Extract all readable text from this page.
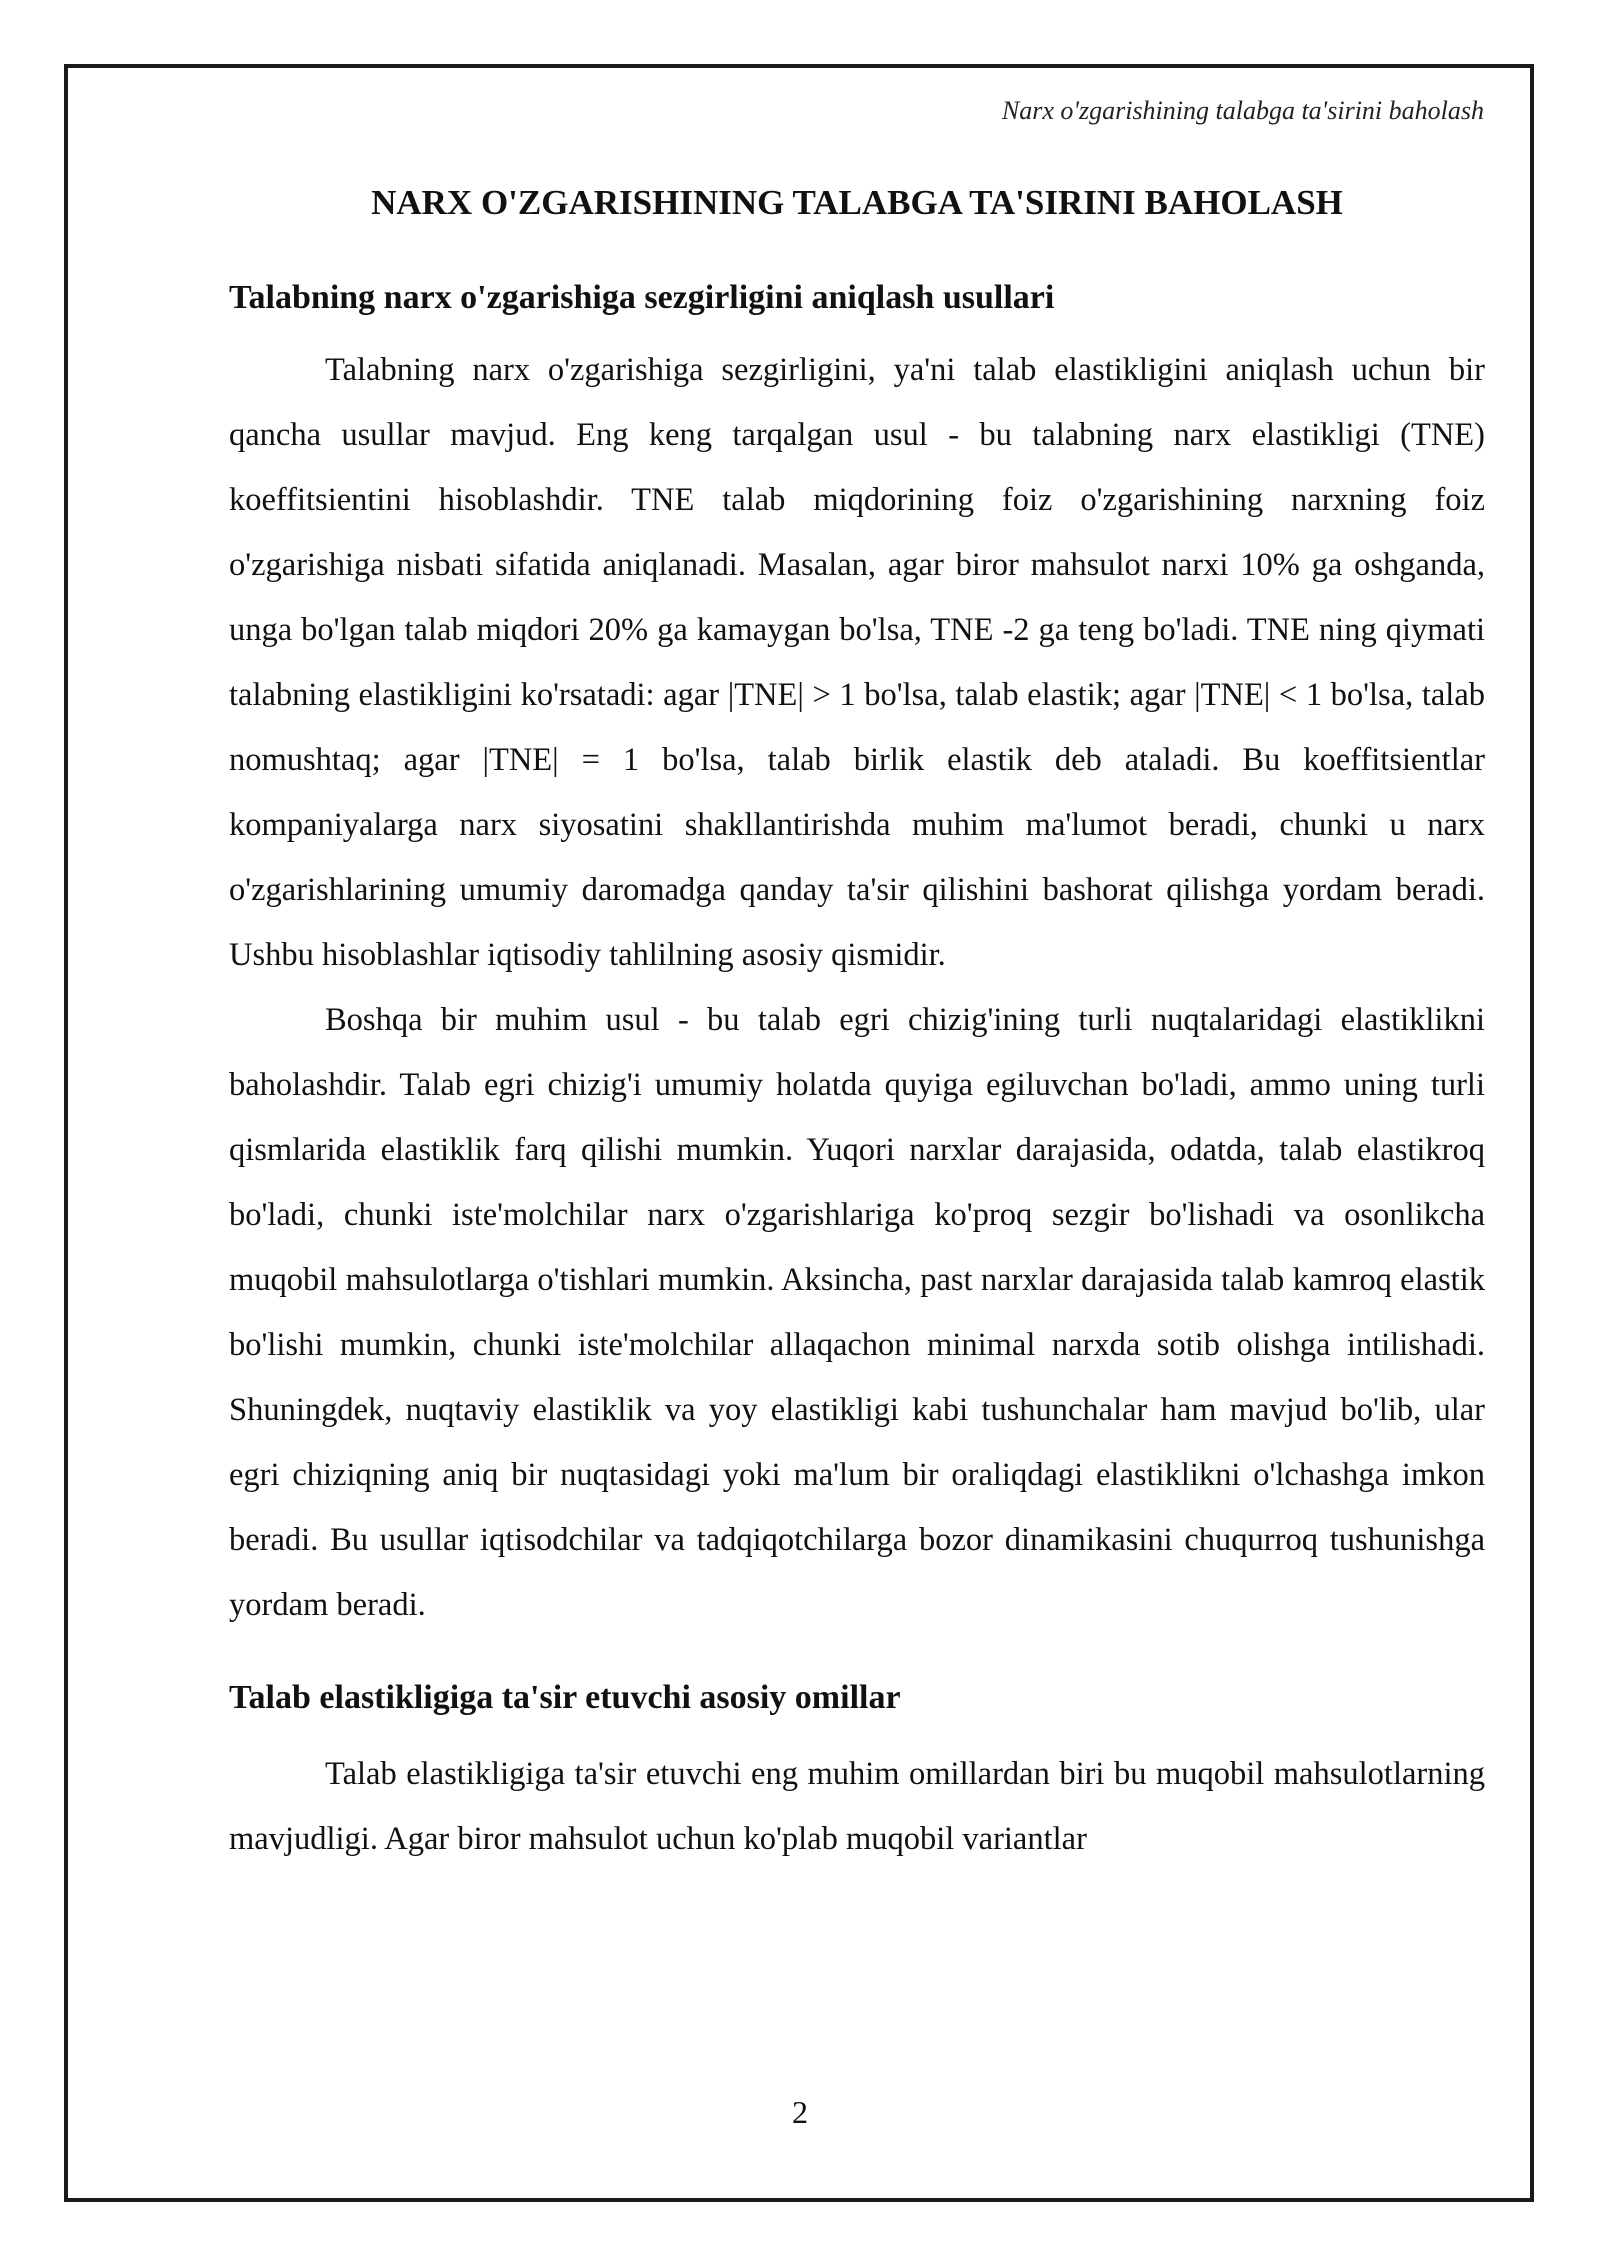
Narx o'zgarishining talabga ta'sirini baholash
NARX O'ZGARISHINING TALABGA TA'SIRINI BAHOLASH
Talabning narx o'zgarishiga sezgirligini aniqlash usullari

Talabning narx o'zgarishiga sezgirligini, ya'ni talab elastikligini aniqlash uchun bir qancha usullar mavjud. Eng keng tarqalgan usul - bu talabning narx elastikligi (TNE) koeffitsientini hisoblashdir. TNE talab miqdorining foiz o'zgarishining narxning foiz o'zgarishiga nisbati sifatida aniqlanadi. Masalan, agar biror mahsulot narxi 10% ga oshganda, unga bo'lgan talab miqdori 20% ga kamaygan bo'lsa, TNE -2 ga teng bo'ladi. TNE ning qiymati talabning elastikligini ko'rsatadi: agar |TNE| > 1 bo'lsa, talab elastik; agar |TNE| < 1 bo'lsa, talab nomushtaq; agar |TNE| = 1 bo'lsa, talab birlik elastik deb ataladi. Bu koeffitsientlar kompaniyalarga narx siyosatini shakllantirishda muhim ma'lumot beradi, chunki u narx o'zgarishlarining umumiy daromadga qanday ta'sir qilishini bashorat qilishga yordam beradi. Ushbu hisoblashlar iqtisodiy tahlilning asosiy qismidir.

Boshqa bir muhim usul - bu talab egri chizig'ining turli nuqtalaridagi elastiklikni baholashdir. Talab egri chizig'i umumiy holatda quyiga egiluvchan bo'ladi, ammo uning turli qismlarida elastiklik farq qilishi mumkin. Yuqori narxlar darajasida, odatda, talab elastikroq bo'ladi, chunki iste'molchilar narx o'zgarishlariga ko'proq sezgir bo'lishadi va osonlikcha muqobil mahsulotlarga o'tishlari mumkin. Aksincha, past narxlar darajasida talab kamroq elastik bo'lishi mumkin, chunki iste'molchilar allaqachon minimal narxda sotib olishga intilishadi. Shuningdek, nuqtaviy elastiklik va yoy elastikligi kabi tushunchalar ham mavjud bo'lib, ular egri chiziqning aniq bir nuqtasidagi yoki ma'lum bir oraliqdagi elastiklikni o'lchashga imkon beradi. Bu usullar iqtisodchilar va tadqiqotchilarga bozor dinamikasini chuqurroq tushunishga yordam beradi.

Talab elastikligiga ta'sir etuvchi asosiy omillar

Talab elastikligiga ta'sir etuvchi eng muhim omillardan biri bu muqobil mahsulotlarning mavjudligi. Agar biror mahsulot uchun ko'plab muqobil variantlar

2
